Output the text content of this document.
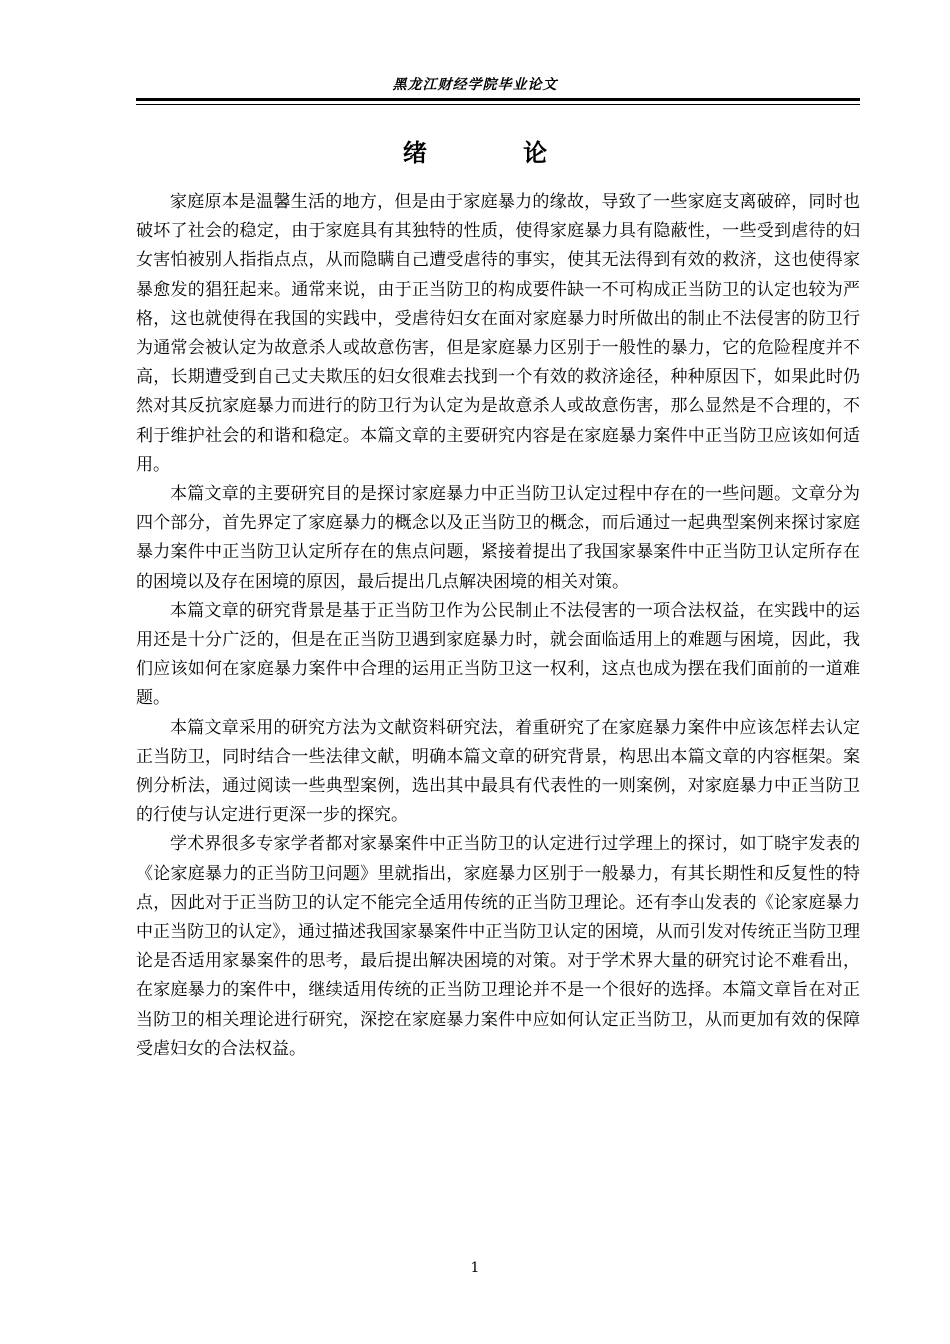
黑龙江财经学院毕业论文
绪 论

家庭原本是温馨生活的地方，但是由于家庭暴力的缘故，导致了一些家庭支离破碎，同时也破坏了社会的稳定，由于家庭具有其独特的性质，使得家庭暴力具有隐蔽性，一些受到虐待的妇女害怕被别人指指点点，从而隐瞒自己遭受虐待的事实，使其无法得到有效的救济，这也使得家暴愈发的猖狂起来。通常来说，由于正当防卫的构成要件缺一不可构成正当防卫的认定也较为严格，这也就使得在我国的实践中，受虐待妇女在面对家庭暴力时所做出的制止不法侵害的防卫行为通常会被认定为故意杀人或故意伤害，但是家庭暴力区别于一般性的暴力，它的危险程度并不高，长期遭受到自己丈夫欺压的妇女很难去找到一个有效的救济途径，种种原因下，如果此时仍然对其反抗家庭暴力而进行的防卫行为认定为是故意杀人或故意伤害，那么显然是不合理的，不利于维护社会的和谐和稳定。本篇文章的主要研究内容是在家庭暴力案件中正当防卫应该如何适用。

本篇文章的主要研究目的是探讨家庭暴力中正当防卫认定过程中存在的一些问题。文章分为四个部分，首先界定了家庭暴力的概念以及正当防卫的概念，而后通过一起典型案例来探讨家庭暴力案件中正当防卫认定所存在的焦点问题，紧接着提出了我国家暴案件中正当防卫认定所存在的困境以及存在困境的原因，最后提出几点解决困境的相关对策。

本篇文章的研究背景是基于正当防卫作为公民制止不法侵害的一项合法权益，在实践中的运用还是十分广泛的，但是在正当防卫遇到家庭暴力时，就会面临适用上的难题与困境，因此，我们应该如何在家庭暴力案件中合理的运用正当防卫这一权利，这点也成为摆在我们面前的一道难题。

本篇文章采用的研究方法为文献资料研究法，着重研究了在家庭暴力案件中应该怎样去认定正当防卫，同时结合一些法律文献，明确本篇文章的研究背景，构思出本篇文章的内容框架。案例分析法，通过阅读一些典型案例，选出其中最具有代表性的一则案例，对家庭暴力中正当防卫的行使与认定进行更深一步的探究。

学术界很多专家学者都对家暴案件中正当防卫的认定进行过学理上的探讨，如丁晓宇发表的《论家庭暴力的正当防卫问题》里就指出，家庭暴力区别于一般暴力，有其长期性和反复性的特点，因此对于正当防卫的认定不能完全适用传统的正当防卫理论。还有李山发表的《论家庭暴力中正当防卫的认定》，通过描述我国家暴案件中正当防卫认定的困境，从而引发对传统正当防卫理论是否适用家暴案件的思考，最后提出解决困境的对策。对于学术界大量的研究讨论不难看出，在家庭暴力的案件中，继续适用传统的正当防卫理论并不是一个很好的选择。本篇文章旨在对正当防卫的相关理论进行研究，深挖在家庭暴力案件中应如何认定正当防卫，从而更加有效的保障受虐妇女的合法权益。

1
